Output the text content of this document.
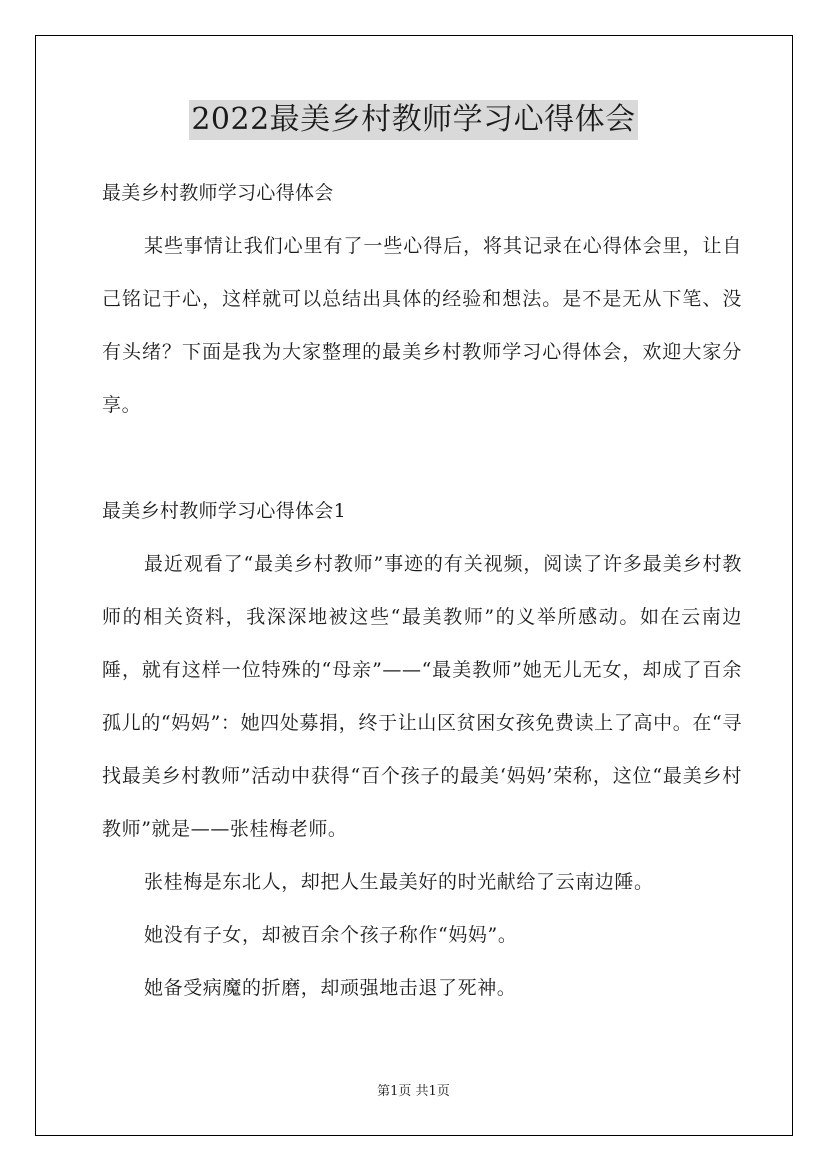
2022最美乡村教师学习心得体会

最美乡村教师学习心得体会

某些事情让我们心里有了一些心得后，将其记录在心得体会里，让自己铭记于心，这样就可以总结出具体的经验和想法。是不是无从下笔、没有头绪？下面是我为大家整理的最美乡村教师学习心得体会，欢迎大家分享。

最美乡村教师学习心得体会1

最近观看了“最美乡村教师”事迹的有关视频，阅读了许多最美乡村教师的相关资料，我深深地被这些“最美教师”的义举所感动。如在云南边陲，就有这样一位特殊的“母亲”——“最美教师”她无儿无女，却成了百余孤儿的“妈妈”：她四处募捐，终于让山区贫困女孩免费读上了高中。在“寻找最美乡村教师”活动中获得“百个孩子的最美‘妈妈’荣称，这位“最美乡村教师”就是——张桂梅老师。

张桂梅是东北人，却把人生最美好的时光献给了云南边陲。

她没有子女，却被百余个孩子称作“妈妈”。

她备受病魔的折磨，却顽强地击退了死神。

第1页 共1页
